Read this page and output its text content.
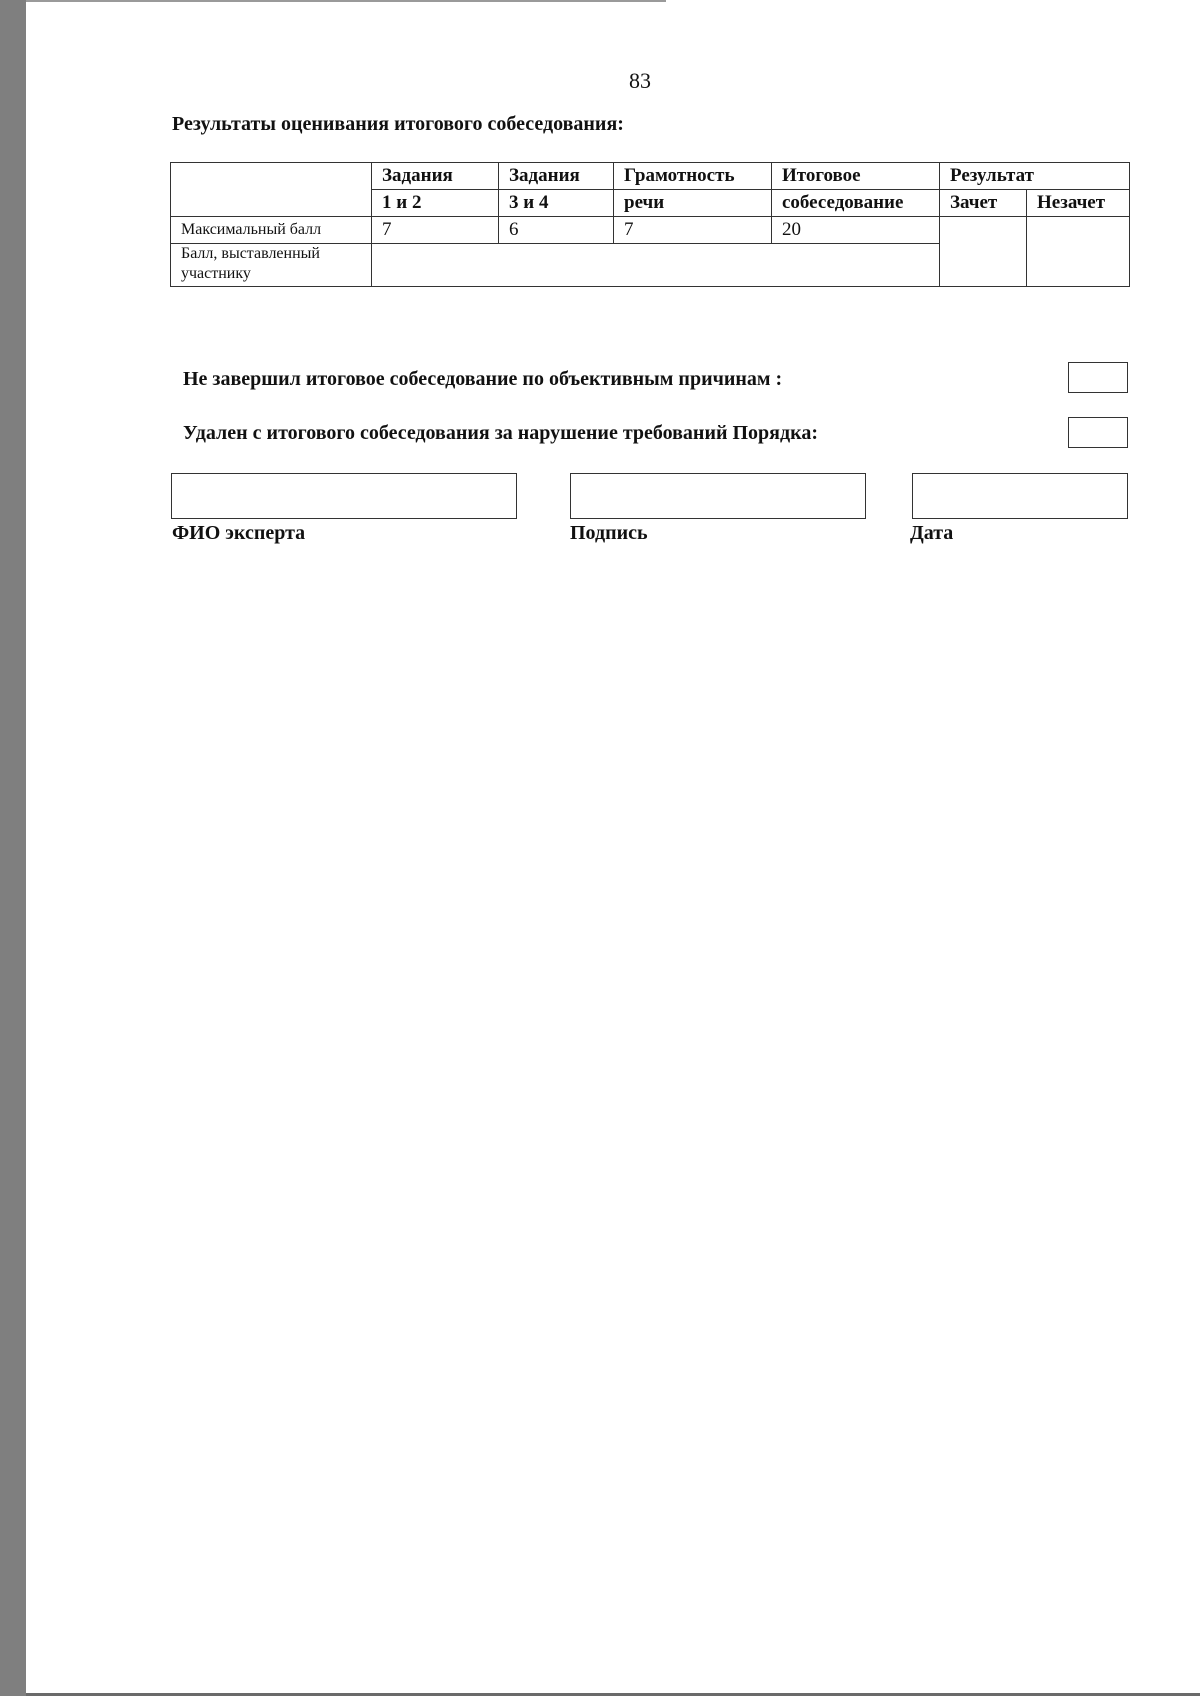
83
Результаты оценивания итогового собеседования:
	Задания	Задания	Грамотность	Итоговое	Результат	
	1 и 2	3 и 4	речи	собеседование	Зачет	Незачет
Максимальный балл	7	6	7	20		
Балл, выставленный участнику						
Не завершил итоговое собеседование по объективным причинам :
Удален с итогового собеседования за нарушение требований Порядка:
ФИО эксперта	Подпись	Дата
